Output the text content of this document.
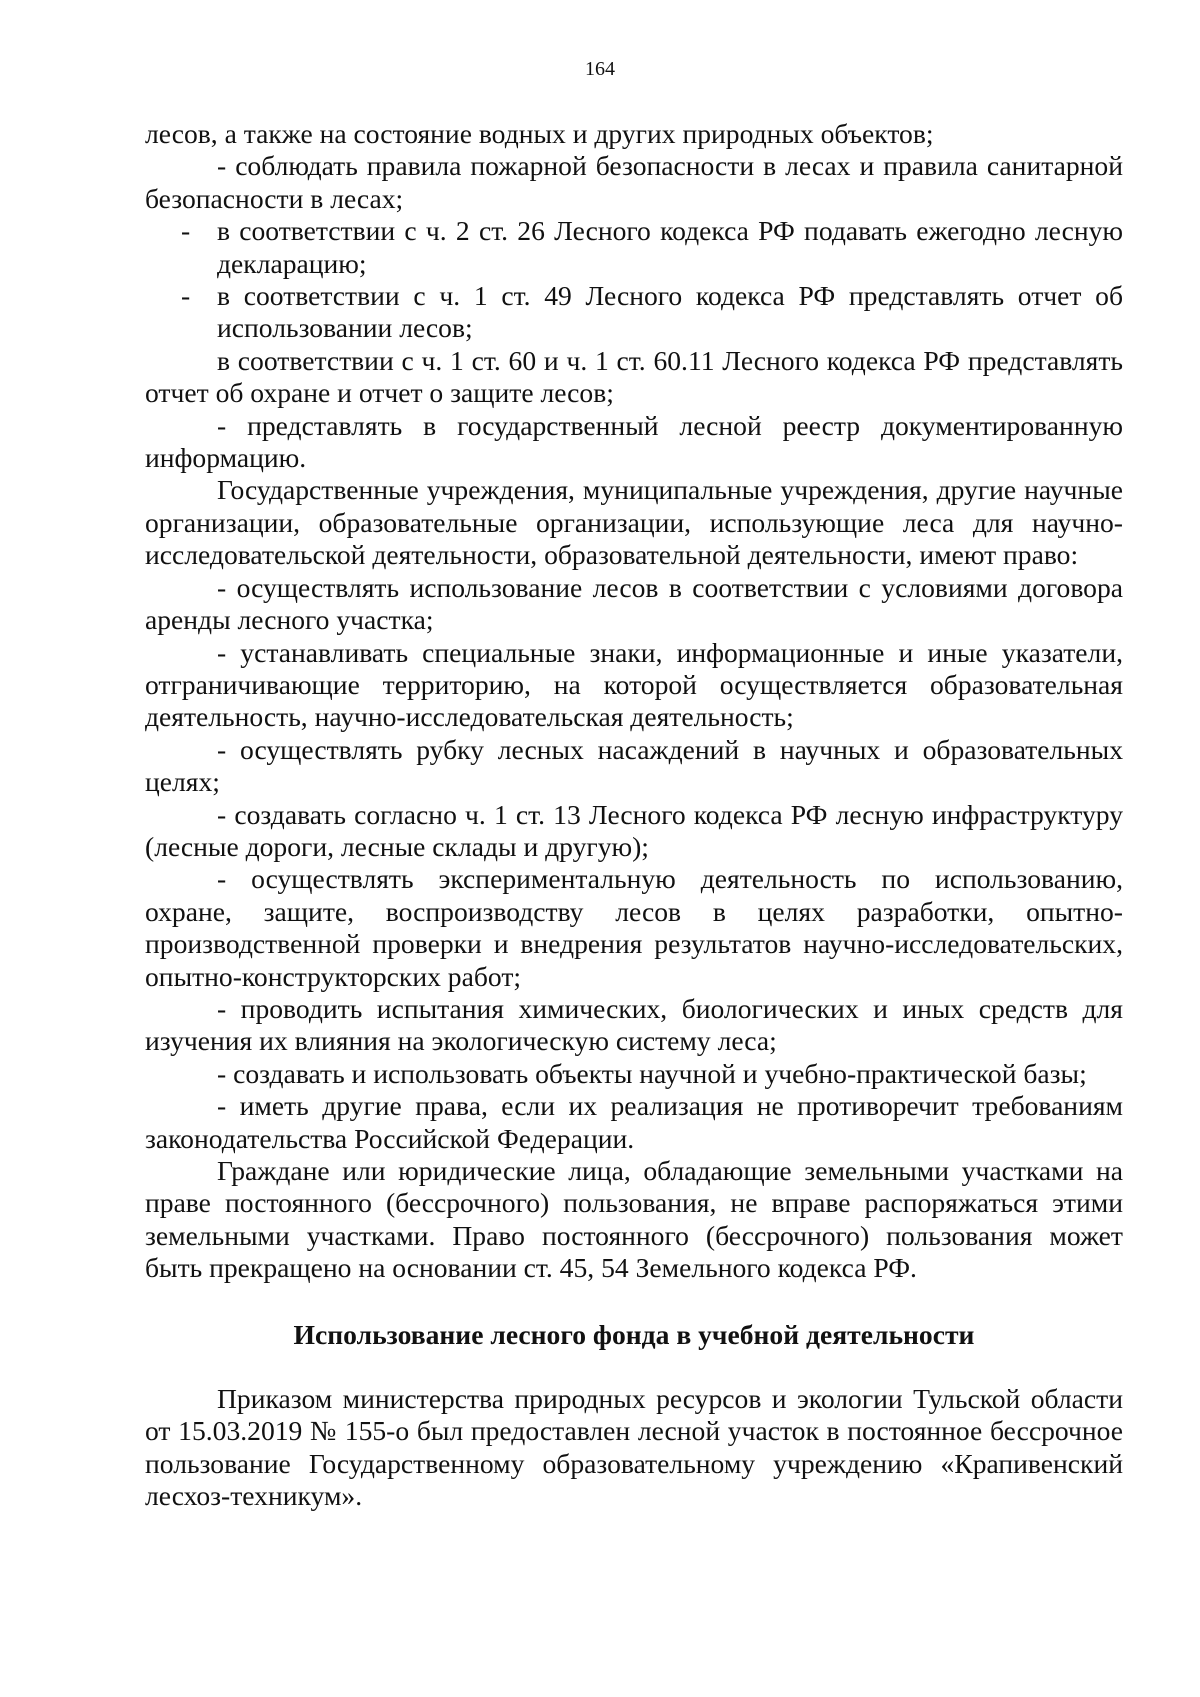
164

лесов, а также на состояние водных и других природных объектов;

- соблюдать правила пожарной безопасности в лесах и правила санитарной безопасности в лесах;

- в соответствии с ч. 2 ст. 26 Лесного кодекса РФ подавать ежегодно лесную декларацию;

- в соответствии с ч. 1 ст. 49 Лесного кодекса РФ представлять отчет об использовании лесов;

в соответствии с ч. 1 ст. 60 и ч. 1 ст. 60.11 Лесного кодекса РФ представлять отчет об охране и отчет о защите лесов;

- представлять в государственный лесной реестр документированную информацию.

Государственные учреждения, муниципальные учреждения, другие научные организации, образовательные организации, использующие леса для научно-исследовательской деятельности, образовательной деятельности, имеют право:

- осуществлять использование лесов в соответствии с условиями договора аренды лесного участка;

- устанавливать специальные знаки, информационные и иные указатели, отграничивающие территорию, на которой осуществляется образовательная деятельность, научно-исследовательская деятельность;

- осуществлять рубку лесных насаждений в научных и образовательных целях;

- создавать согласно ч. 1 ст. 13 Лесного кодекса РФ лесную инфраструктуру (лесные дороги, лесные склады и другую);

- осуществлять экспериментальную деятельность по использованию, охране, защите, воспроизводству лесов в целях разработки, опытно-производственной проверки и внедрения результатов научно-исследовательских, опытно-конструкторских работ;

- проводить испытания химических, биологических и иных средств для изучения их влияния на экологическую систему леса;

- создавать и использовать объекты научной и учебно-практической базы;

- иметь другие права, если их реализация не противоречит требованиям законодательства Российской Федерации.

Граждане или юридические лица, обладающие земельными участками на праве постоянного (бессрочного) пользования, не вправе распоряжаться этими земельными участками. Право постоянного (бессрочного) пользования может быть прекращено на основании ст. 45, 54 Земельного кодекса РФ.

Использование лесного фонда в учебной деятельности

Приказом министерства природных ресурсов и экологии Тульской области от 15.03.2019 № 155-о был предоставлен лесной участок в постоянное бессрочное пользование Государственному образовательному учреждению «Крапивенский лесхоз-техникум».
